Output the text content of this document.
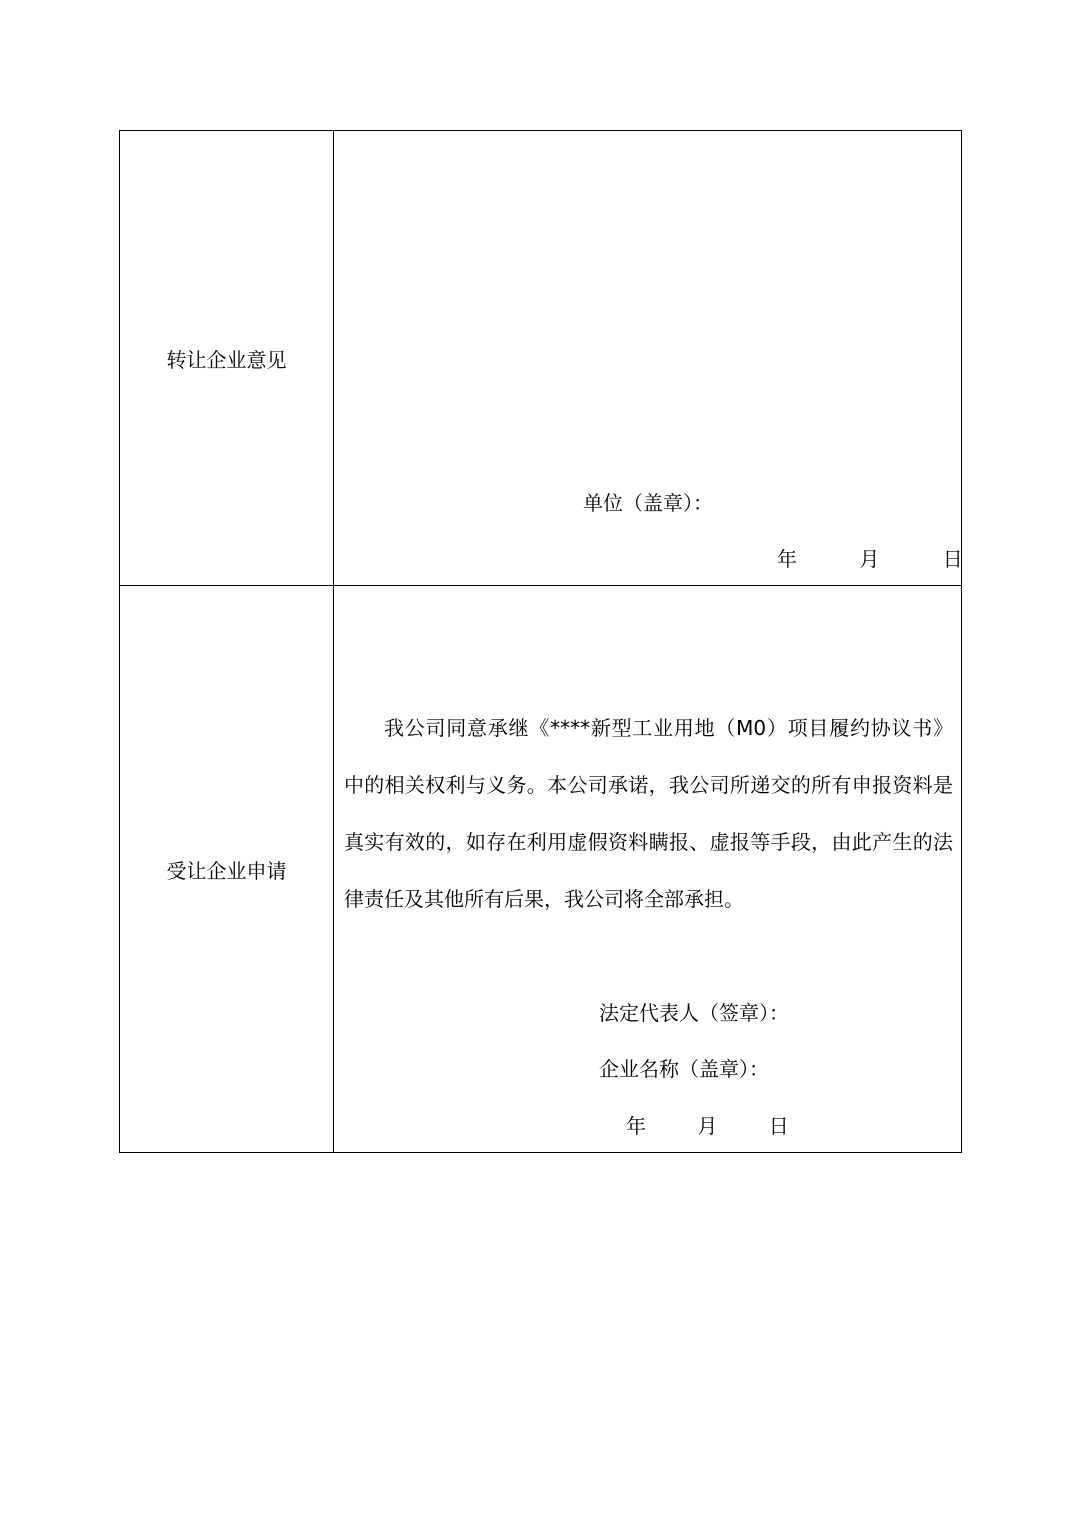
转让企业意见	单位（盖章）：
年 月 日

受让企业申请	我公司同意承继《****新型工业用地（M0）项目履约协议书》中的相关权利与义务。本公司承诺，我公司所递交的所有申报资料是真实有效的，如存在利用虚假资料瞒报、虚报等手段，由此产生的法律责任及其他所有后果，我公司将全部承担。
法定代表人（签章）：
企业名称（盖章）：
年 月 日
